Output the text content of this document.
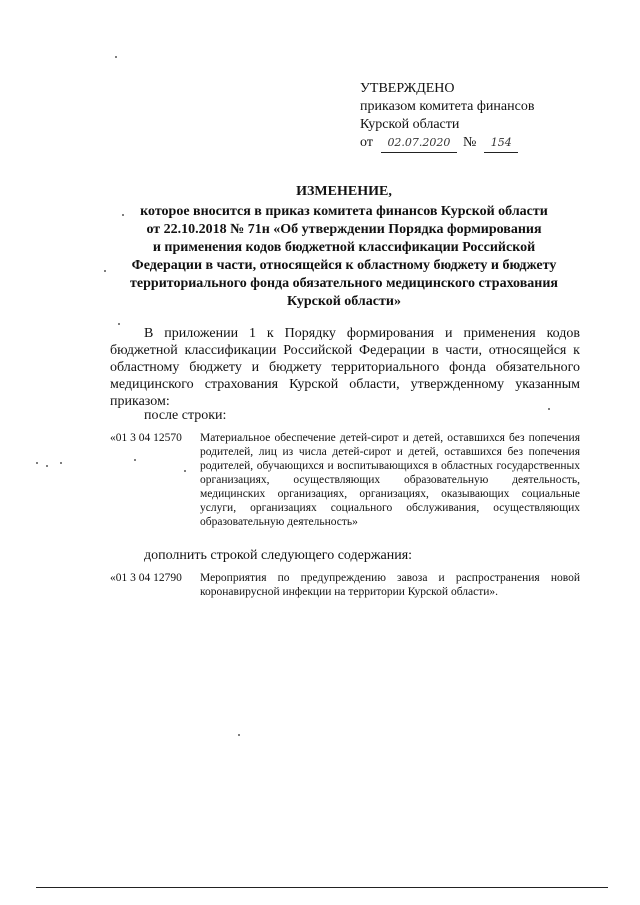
УТВЕРЖДЕНО
приказом комитета финансов
Курской области
от	02.07.2020 №	154
ИЗМЕНЕНИЕ,
которое вносится в приказ комитета финансов Курской области
от 22.10.2018 № 71н «Об утверждении Порядка формирования
и применения кодов бюджетной классификации Российской
Федерации в части, относящейся к областному бюджету и бюджету
территориального фонда обязательного медицинского страхования
Курской области»
В приложении 1 к Порядку формирования и применения кодов бюджетной классификации Российской Федерации в части, относящейся к областному бюджету и бюджету территориального фонда обязательного медицинского страхования Курской области, утвержденному указанным приказом:
после строки:
«01 3 04 12570	Материальное обеспечение детей-сирот и детей, оставшихся без попечения родителей, лиц из числа детей-сирот и детей, оставшихся без попечения родителей, обучающихся и воспитывающихся в областных государственных организациях, осуществляющих образовательную деятельность, медицинских организациях, организациях, оказывающих социальные услуги, организациях социального обслуживания, осуществляющих образовательную деятельность»
дополнить строкой следующего содержания:
«01 3 04 12790	Мероприятия по предупреждению завоза и распространения новой коронавирусной инфекции на территории Курской области».
